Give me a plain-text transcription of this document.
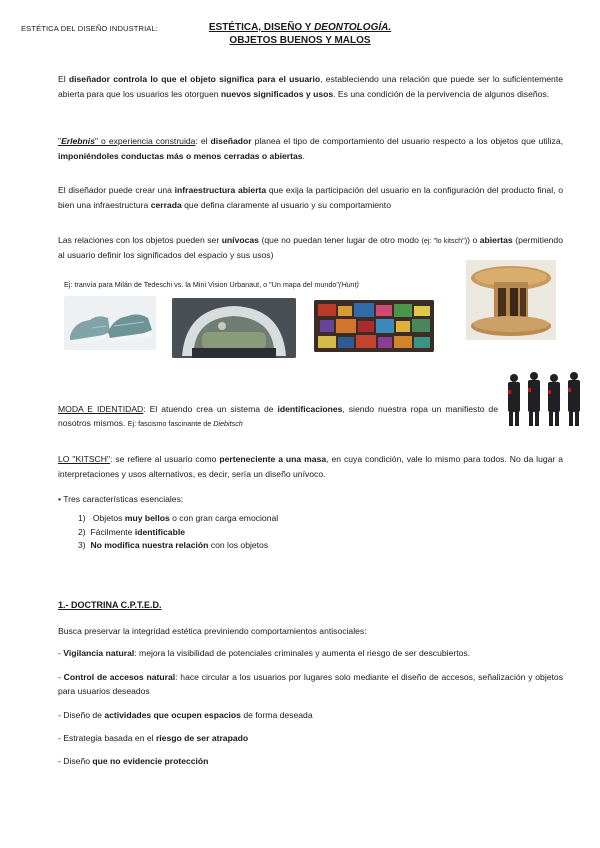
ESTÉTICA DEL DISEÑO INDUSTRIAL:	ESTÉTICA, DISEÑO Y DEONTOLOGÍA.
OBJETOS BUENOS Y MALOS
El diseñador controla lo que el objeto significa para el usuario, estableciendo una relación que puede ser lo suficientemente abierta para que los usuarios les otorguen nuevos significados y usos. Es una condición de la pervivencia de algunos diseños.
"Erlebnis" o experiencia construida: el diseñador planea el tipo de comportamiento del usuario respecto a los objetos que utiliza, imponiéndoles conductas más o menos cerradas o abiertas.
El diseñador puede crear una infraestructura abierta que exija la participación del usuario en la configuración del producto final, o bien una infraestructura cerrada que defina claramente al usuario y su comportamiento
Las relaciones con los objetos pueden ser unívocas (que no puedan tener lugar de otro modo (ej: "lo kitsch")) o abiertas (permitiendo al usuario definir los significados del espacio y sus usos)
Ej: tranvía para Milán de Tedeschi vs. la Mini Vision Urbanaut, o "Un mapa del mundo"(Hunt)
MODA E IDENTIDAD: El atuendo crea un sistema de identificaciones, siendo nuestra ropa un manifiesto de nosotros mismos. Ej: fascismo fascinante de Diebitsch
LO "KITSCH": se refiere al usuario como perteneciente a una masa, en cuya condición, vale lo mismo para todos. No da lugar a interpretaciones y usos alternativos, es decir, sería un diseño unívoco.
• Tres características esenciales:
1) Objetos muy bellos o con gran carga emocional
2) Fácilmente identificable
3) No modifica nuestra relación con los objetos
1.- DOCTRINA C.P.T.E.D.
Busca preservar la integridad estética previniendo comportamientos antisociales:
- Vigilancia natural: mejora la visibilidad de potenciales criminales y aumenta el riesgo de ser descubiertos.
- Control de accesos natural: hace circular a los usuarios por lugares solo mediante el diseño de accesos, señalización y objetos para usuarios deseados
- Diseño de actividades que ocupen espacios de forma deseada
- Estrategia basada en el riesgo de ser atrapado
- Diseño que no evidencie protección
